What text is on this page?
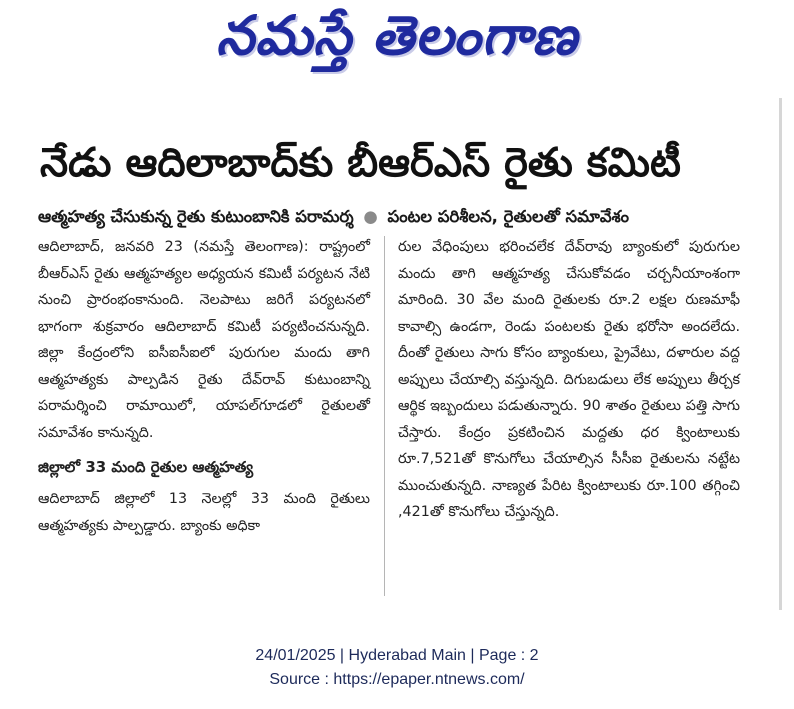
నమస్తే తెలంగాణ
నేడు ఆదిలాబాద్‌కు బీఆర్‌ఎస్ రైతు కమిటీ
ఆత్మహత్య చేసుకున్న రైతు కుటుంబానికి పరామర్శ ● పంటల పరిశీలన, రైతులతో సమావేశం

ఆదిలాబాద్, జనవరి 23 (నమస్తే తెలంగాణ): రాష్ట్రంలో బీఆర్‌ఎస్ రైతు ఆత్మహత్యల అధ్యయన కమిటీ పర్యటన నేటి నుంచి ప్రారంభంకానుంది. నెలపాటు జరిగే పర్యటనలో భాగంగా శుక్రవారం ఆదిలాబాద్ కమిటీ పర్యటించనున్నది. జిల్లా కేంద్రంలోని ఐసీఐసీఐలో పురుగుల మందు తాగి ఆత్మహత్యకు పాల్పడిన రైతు దేవ్‌రావ్ కుటుంబాన్ని పరామర్శించి రామాయిలో, యాపల్‌గూడలో రైతులతో సమావేశం కానున్నది.

జిల్లాలో 33 మంది రైతుల ఆత్మహత్య

ఆదిలాబాద్ జిల్లాలో 13 నెలల్లో 33 మంది రైతులు ఆత్మహత్యకు పాల్పడ్డారు. బ్యాంకు అధికా

రుల వేధింపులు భరించలేక దేవ్‌రావు బ్యాంకులో పురుగుల మందు తాగి ఆత్మహత్య చేసుకోవడం చర్చనీయాంశంగా మారింది. 30 వేల మంది రైతులకు రూ.2 లక్షల రుణమాఫీ కావాల్సి ఉండగా, రెండు పంటలకు రైతు భరోసా అందలేదు. దీంతో రైతులు సాగు కోసం బ్యాంకులు, ప్రైవేటు, దళారుల వద్ద అప్పులు చేయాల్సి వస్తున్నది. దిగుబడులు లేక అప్పులు తీర్చక ఆర్థిక ఇబ్బందులు పడుతున్నారు. 90 శాతం రైతులు పత్తి సాగు చేస్తారు. కేంద్రం ప్రకటించిన మద్దతు ధర క్వింటాలుకు రూ.7,521తో కొనుగోలు చేయాల్సిన సీసీఐ రైతులను నట్టేట ముంచుతున్నది. నాణ్యత పేరిట క్వింటాలుకు రూ.100 తగ్గించి ,421తో కొనుగోలు చేస్తున్నది.

24/01/2025 | Hyderabad Main | Page : 2
Source : https://epaper.ntnews.com/
